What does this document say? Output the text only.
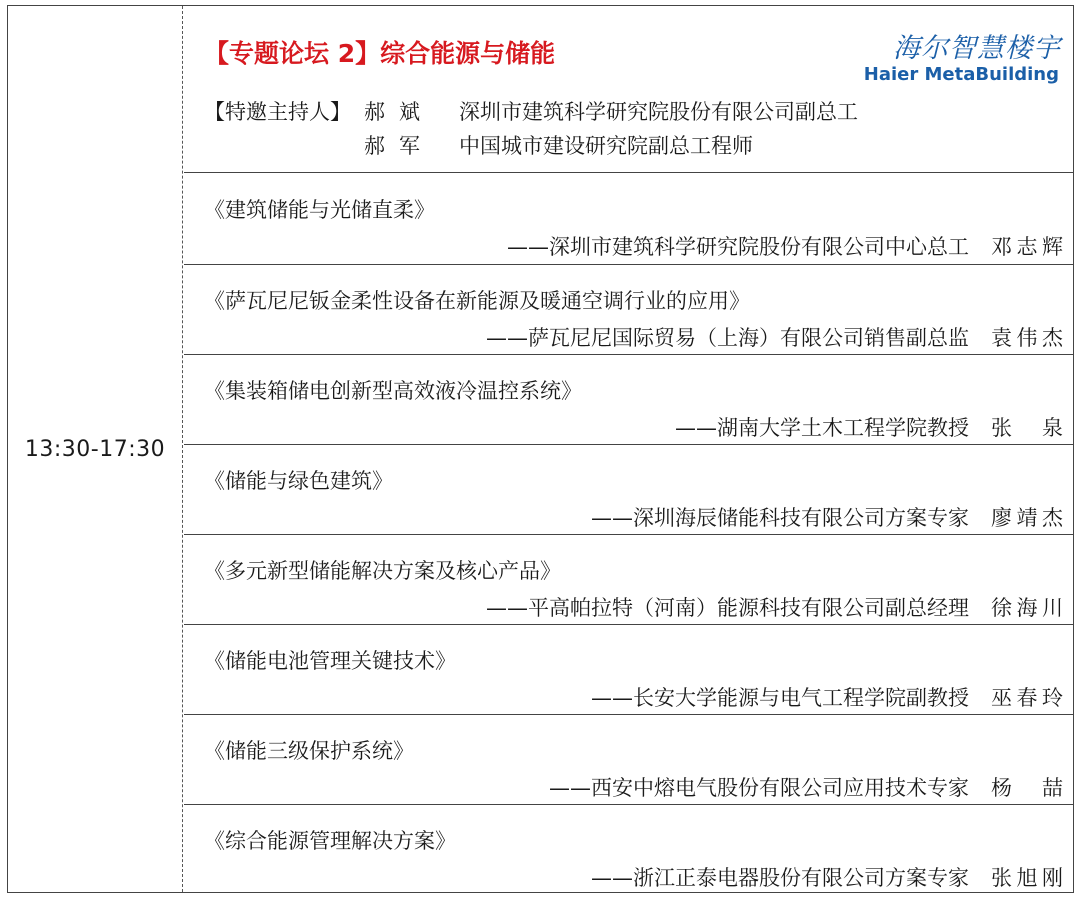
13:30-17:30
【专题论坛 2】综合能源与储能	海尔智慧楼宇
Haier MetaBuilding
【特邀主持人】 郝斌 深圳市建筑科学研究院股份有限公司副总工
郝军 中国城市建设研究院副总工程师
《建筑储能与光储直柔》
——深圳市建筑科学研究院股份有限公司中心总工 邓志辉
《萨瓦尼尼钣金柔性设备在新能源及暖通空调行业的应用》
——萨瓦尼尼国际贸易（上海）有限公司销售副总监 袁伟杰
《集装箱储电创新型高效液冷温控系统》
——湖南大学土木工程学院教授 张泉
《储能与绿色建筑》
——深圳海辰储能科技有限公司方案专家 廖靖杰
《多元新型储能解决方案及核心产品》
——平高帕拉特（河南）能源科技有限公司副总经理 徐海川
《储能电池管理关键技术》
——长安大学能源与电气工程学院副教授 巫春玲
《储能三级保护系统》
——西安中熔电气股份有限公司应用技术专家 杨喆
《综合能源管理解决方案》
——浙江正泰电器股份有限公司方案专家 张旭刚
